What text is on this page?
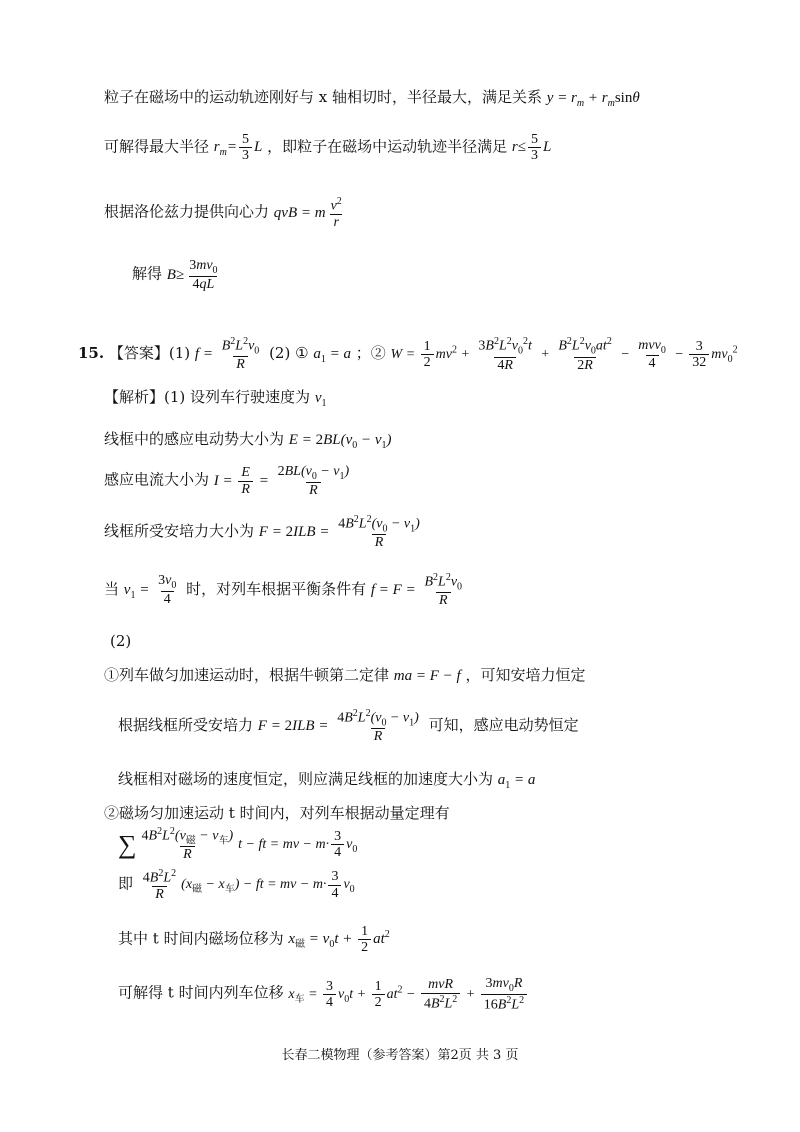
粒子在磁场中的运动轨迹刚好与 x 轴相切时，半径最大，满足关系 $y = r_m + r_m\sin\theta$
可解得最大半径 $r_m= \frac{5}{3}$ L ，即粒子在磁场中运动轨迹半径满足 $r\le \frac{5}{3}$ L
根据洛伦兹力提供向心力 qvB = m $\frac{v^2}{r}$
解得 $B\ge \frac{3mv_0}{4qL}$
15. 【答案】(1) $f = \frac{B^2L^2v_0}{R} (2)$ ① $a_1 = a$ ；② $W = \frac{1}{2} mv^2 + \frac{3B^2L^2v_0^2t}{4R} + \frac{B^2L^2v_0at^2}{2R} - \frac{mvv_0}{4} - \frac{3}{32} mv_0^2$
【解析】(1) 设列车行驶速度为 $v_1$
线框中的感应电动势大小为 $E = 2BL(v_0 - v_1)$
感应电流大小为 $I = \frac{E}{R} = \frac{2BL(v_0 - v_1)}{R}$
线框所受安培力大小为 $F = 2ILB = \frac{4B^2L^2(v_0 - v_1)}{R}$
当 $v_1 = \frac{3v_0}{4}$ 时，对列车根据平衡条件有 $f = F = \frac{B^2L^2v_0}{R}$
(2)
①列车做匀加速运动时，根据牛顿第二定律 ma = F − f ，可知安培力恒定
根据线框所受安培力 $F = 2ILB = \frac{4B^2L^2(v_0 - v_1)}{R}$ 可知，感应电动势恒定
线框相对磁场的速度恒定，则应满足线框的加速度大小为 $a_1 = a$
②磁场匀加速运动 t 时间内，对列车根据动量定理有
∑ $\frac{4B^2L^2(v_磁 - v_车)}{R}$ t − ft = mv − $m\cdot \frac{3}{4} v_0$
即 $\frac{4B^2L^2}{R} (x_磁 - x_车)$ − ft = mv − $m\cdot \frac{3}{4} v_0$
其中 t 时间内磁场位移为 $x_磁 = v_0t + \frac{1}{2} at^2$
可解得 t 时间内列车位移 $x_车 = \frac{3}{4} v_0t + \frac{1}{2} at^2 - \frac{\text{mvR}}{4B^2L^2} + \frac{3mv_0R}{16B^2L^2}$
长春二模物理（参考答案）第2页 共 3 页
